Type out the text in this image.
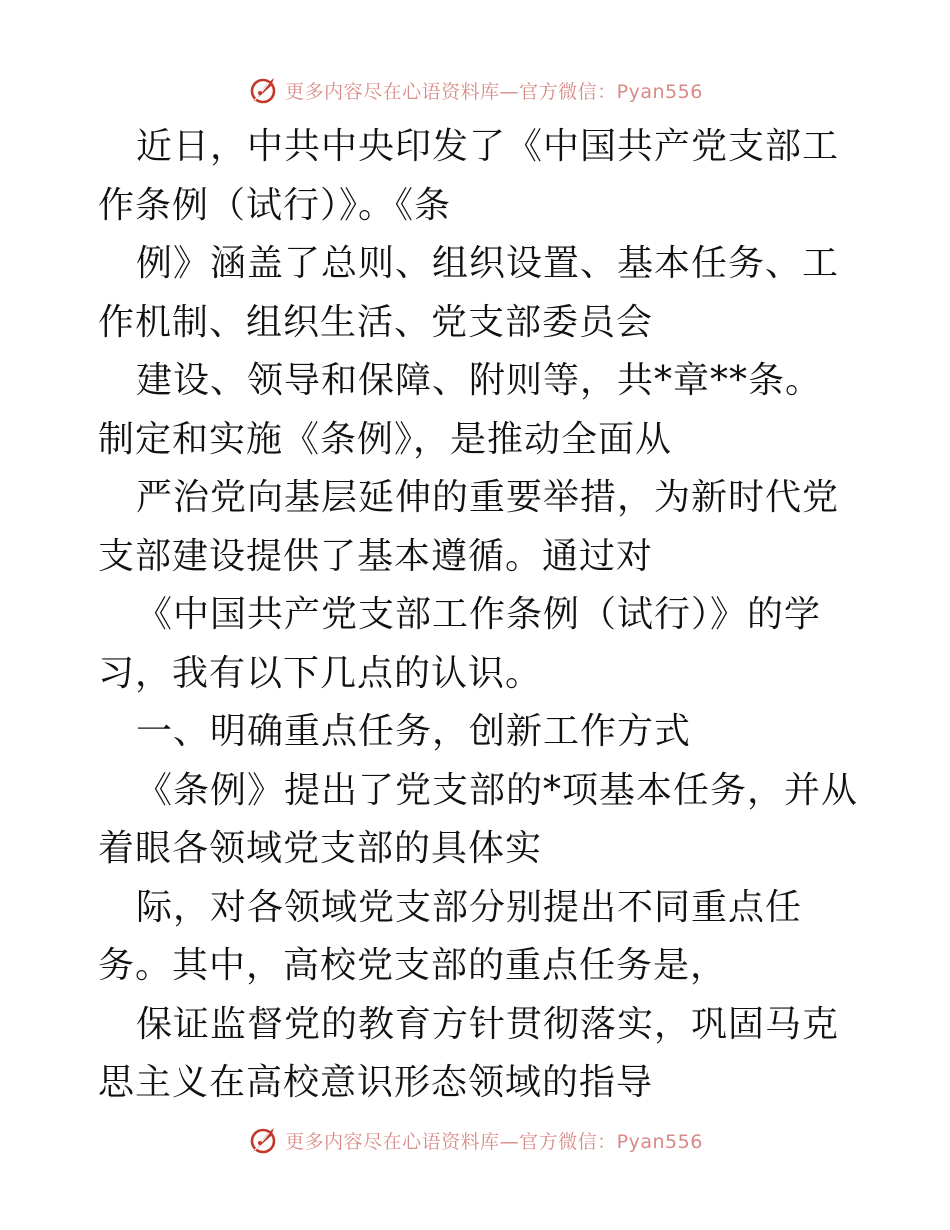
更多内容尽在心语资料库—官方微信：Pyan556

近日，中共中央印发了《中国共产党支部工作条例（试行）》。《条

例》涵盖了总则、组织设置、基本任务、工作机制、组织生活、党支部委员会

建设、领导和保障、附则等，共*章**条。制定和实施《条例》，是推动全面从

严治党向基层延伸的重要举措，为新时代党支部建设提供了基本遵循。通过对

《中国共产党支部工作条例（试行）》的学习，我有以下几点的认识。

一、明确重点任务，创新工作方式

《条例》提出了党支部的*项基本任务，并从着眼各领域党支部的具体实

际，对各领域党支部分别提出不同重点任务。其中，高校党支部的重点任务是，

保证监督党的教育方针贯彻落实，巩固马克思主义在高校意识形态领域的指导

更多内容尽在心语资料库—官方微信：Pyan556
